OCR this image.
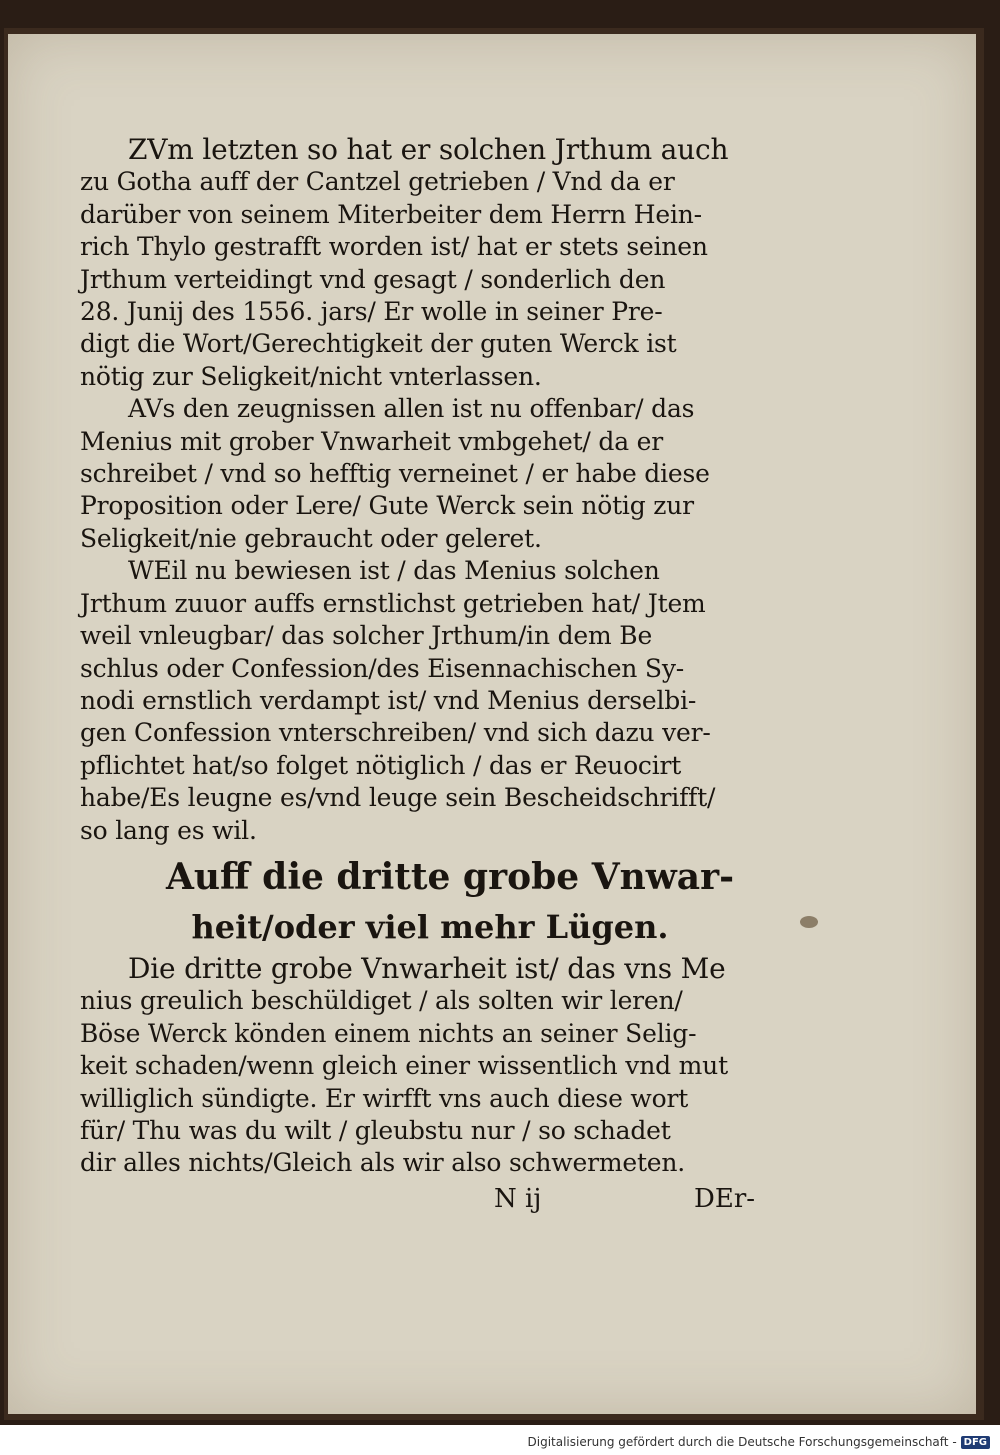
ZVm letzten so hat er solchen Jrthum auch
zu Gotha auff der Cantzel getrieben / Vnd da er
darüber von seinem Miterbeiter dem Herrn Hein-
rich Thylo gestrafft worden ist/ hat er stets seinen
Jrthum verteidingt vnd gesagt / sonderlich den
28. Junij des 1556. jars/ Er wolle in seiner Pre-
digt die Wort/Gerechtigkeit der guten Werck ist
nötig zur Seligkeit/nicht vnterlassen.
AVs den zeugnissen allen ist nu offenbar/ das
Menius mit grober Vnwarheit vmbgehet/ da er
schreibet / vnd so hefftig verneinet / er habe diese
Proposition oder Lere/ Gute Werck sein nötig zur
Seligkeit/nie gebraucht oder geleret.
WEil nu bewiesen ist / das Menius solchen
Jrthum zuuor auffs ernstlichst getrieben hat/ Jtem
weil vnleugbar/ das solcher Jrthum/in dem Be
schlus oder Confession/des Eisennachischen Sy-
nodi ernstlich verdampt ist/ vnd Menius derselbi-
gen Confession vnterschreiben/ vnd sich dazu ver-
pflichtet hat/so folget nötiglich / das er Reuocirt
habe/Es leugne es/vnd leuge sein Bescheidschrifft/
so lang es wil.
Auff die dritte grobe Vnwar-
heit/oder viel mehr Lügen.
Die dritte grobe Vnwarheit ist/ das vns Me
nius greulich beschüldiget / als solten wir leren/
Böse Werck könden einem nichts an seiner Selig-
keit schaden/wenn gleich einer wissentlich vnd mut
williglich sündigte. Er wirfft vns auch diese wort
für/ Thu was du wilt / gleubstu nur / so schadet
dir alles nichts/Gleich als wir also schwermeten.
N ij	DEr-
Digitalisierung gefördert durch die Deutsche Forschungsgemeinschaft - DFG
